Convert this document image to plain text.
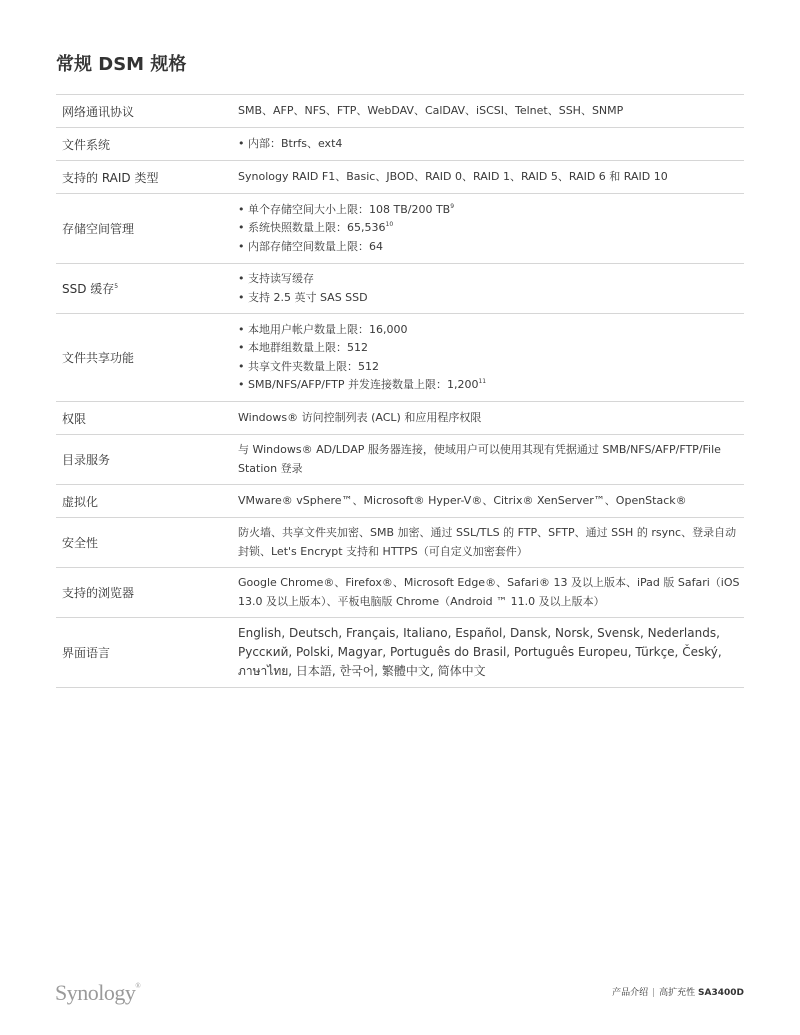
常规 DSM 规格
网络通讯协议	SMB、AFP、NFS、FTP、WebDAV、CalDAV、iSCSI、Telnet、SSH、SNMP
文件系统
•	内部：Btrfs、ext4
支持的 RAID 类型	Synology RAID F1、Basic、JBOD、RAID 0、RAID 1、RAID 5、RAID 6 和 RAID 10
存储空间管理
• 单个存储空间大小上限：108 TB/200 $TB^9$
• 系统快照数量上限：65,536$^{10}$
• 内部存储空间数量上限：64
SSD 缓存$^5$
• 支持读写缓存
• 支持 2.5 英寸 SAS SSD
文件共享功能
• 本地用户帐户数量上限：16,000
• 本地群组数量上限：512
• 共享文件夹数量上限：512
• SMB/NFS/AFP/FTP 并发连接数量上限：1,200$^{11}$
权限	Windows® 访问控制列表 (ACL) 和应用程序权限
目录服务
与 Windows® AD/LDAP 服务器连接，使域用户可以使用其现有凭据通过 SMB/NFS/AFP/FTP/File Station 登录
虚拟化	VMware® vSphere™、Microsoft® Hyper-V®、Citrix® XenServer™、OpenStack®
安全性
防火墙、共享文件夹加密、SMB 加密、通过 SSL/TLS 的 FTP、SFTP、通过 SSH 的 rsync、登录自动封锁、Let's Encrypt 支持和 HTTPS（可自定义加密套件）
支持的浏览器
Google Chrome®、Firefox®、Microsoft Edge®、Safari® 13 及以上版本、iPad 版 Safari（iOS 13.0 及以上版本）、平板电脑版 Chrome（Android ™ 11.0 及以上版本）
界面语言
English, Deutsch, Français, Italiano, Español, Dansk, Norsk, Svensk, Nederlands, Русский, Polski, Magyar, Português do Brasil, Português Europeu, Türkçe, Český, ภาษาไทย, 日本語, 한국어, 繁體中文, 简体中文
Synology®
产品介绍 | 高扩充性 SA3400D
